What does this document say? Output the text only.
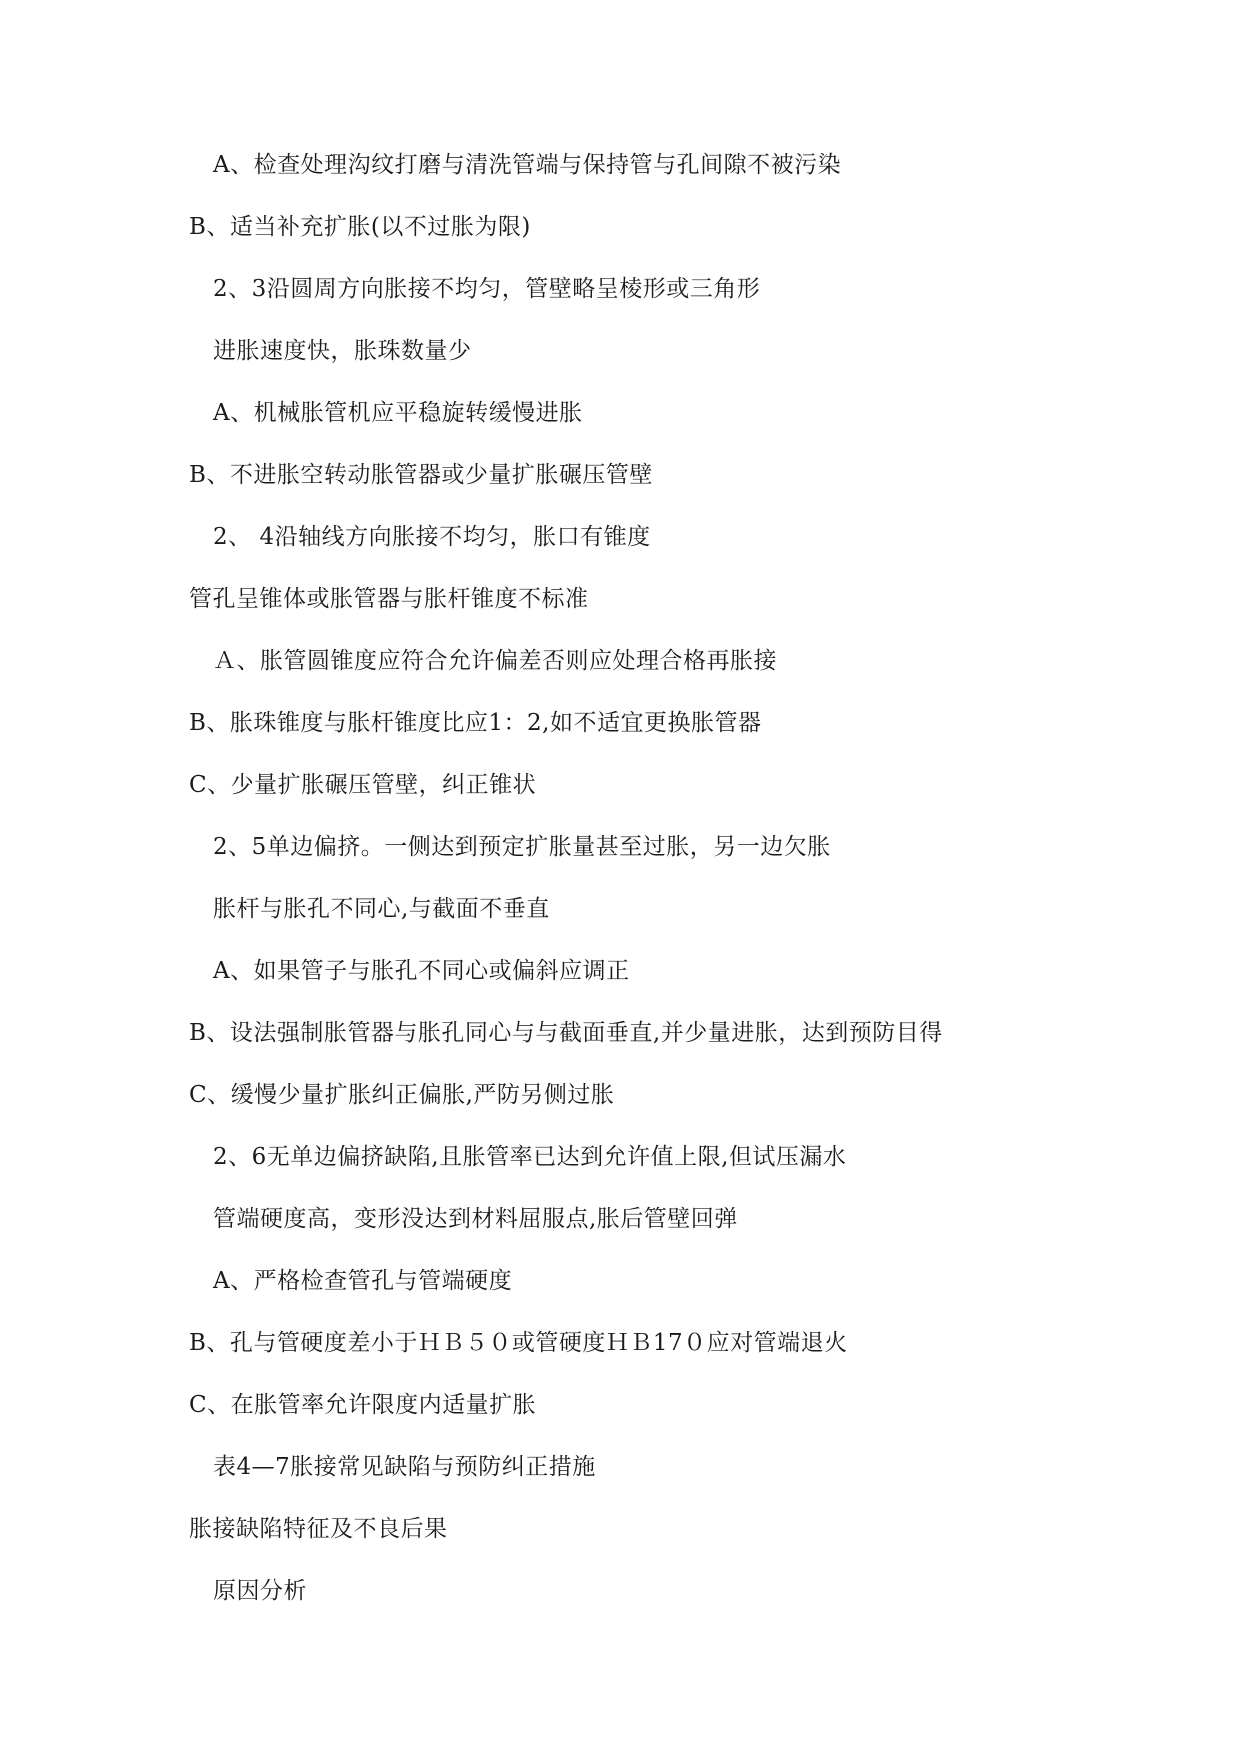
A、检查处理沟纹打磨与清洗管端与保持管与孔间隙不被污染
B、适当补充扩胀(以不过胀为限)
2、3沿圆周方向胀接不均匀，管壁略呈棱形或三角形
进胀速度快，胀珠数量少
A、机械胀管机应平稳旋转缓慢进胀
B、不进胀空转动胀管器或少量扩胀碾压管壁
2、 4沿轴线方向胀接不均匀，胀口有锥度
管孔呈锥体或胀管器与胀杆锥度不标准
Ａ、胀管圆锥度应符合允许偏差否则应处理合格再胀接
B、胀珠锥度与胀杆锥度比应1：2,如不适宜更换胀管器
C、少量扩胀碾压管壁，纠正锥状
2、5单边偏挤。一侧达到预定扩胀量甚至过胀，另一边欠胀
胀杆与胀孔不同心,与截面不垂直
A、如果管子与胀孔不同心或偏斜应调正
B、设法强制胀管器与胀孔同心与与截面垂直,并少量进胀，达到预防目得
C、缓慢少量扩胀纠正偏胀,严防另侧过胀
2、6无单边偏挤缺陷,且胀管率已达到允许值上限,但试压漏水
管端硬度高，变形没达到材料屈服点,胀后管壁回弹
A、严格检查管孔与管端硬度
B、孔与管硬度差小于ＨＢ５０或管硬度ＨＢ17０应对管端退火
C、在胀管率允许限度内适量扩胀
表4—7胀接常见缺陷与预防纠正措施
胀接缺陷特征及不良后果
原因分析
